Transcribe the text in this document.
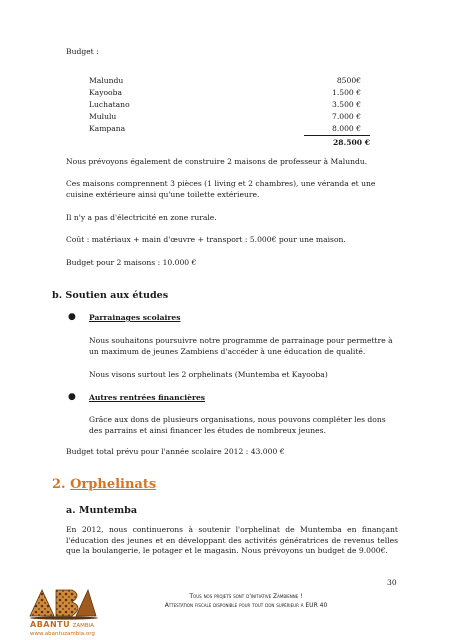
Budget :
Malundu	8500€
Kayooba	1.500 €
Luchatano	3.500 €
Mululu	7.000 €
Kampana	8.000 €
28.500 €
Nous prévoyons également de construire 2 maisons de professeur à Malundu.
Ces maisons comprennent 3 pièces (1 living et 2 chambres), une véranda et une cuisine extérieure ainsi qu'une toilette extérieure.
Il n'y a pas d'électricité en zone rurale.
Coût : matériaux + main d'œuvre + transport : 5.000€ pour une maison.
Budget pour 2 maisons : 10.000 €
b. Soutien aux études
● Parrainages scolaires
Nous souhaitons poursuivre notre programme de parrainage pour permettre à un maximum de jeunes Zambiens d'accéder à une éducation de qualité.
Nous visons surtout les 2 orphelinats (Muntemba et Kayooba)
● Autres rentrées financières
Grâce aux dons de plusieurs organisations, nous pouvons compléter les dons des parrains et ainsi financer les études de nombreux jeunes.
Budget total prévu pour l'année scolaire 2012 : 43.000 €
2. Orphelinats
a. Muntemba
En 2012, nous continuerons à soutenir l'orphelinat de Muntemba en finançant l'éducation des jeunes et en développant des activités génératrices de revenus telles que la boulangerie, le potager et le magasin. Nous prévoyons un budget de 9.000€.
30
Tous nos projets sont d'initiative Zambienne !
Attestation fiscale disponible pour tout don supérieur à EUR 40
ABANTU ZAMBIA
www.abantuzambia.org
